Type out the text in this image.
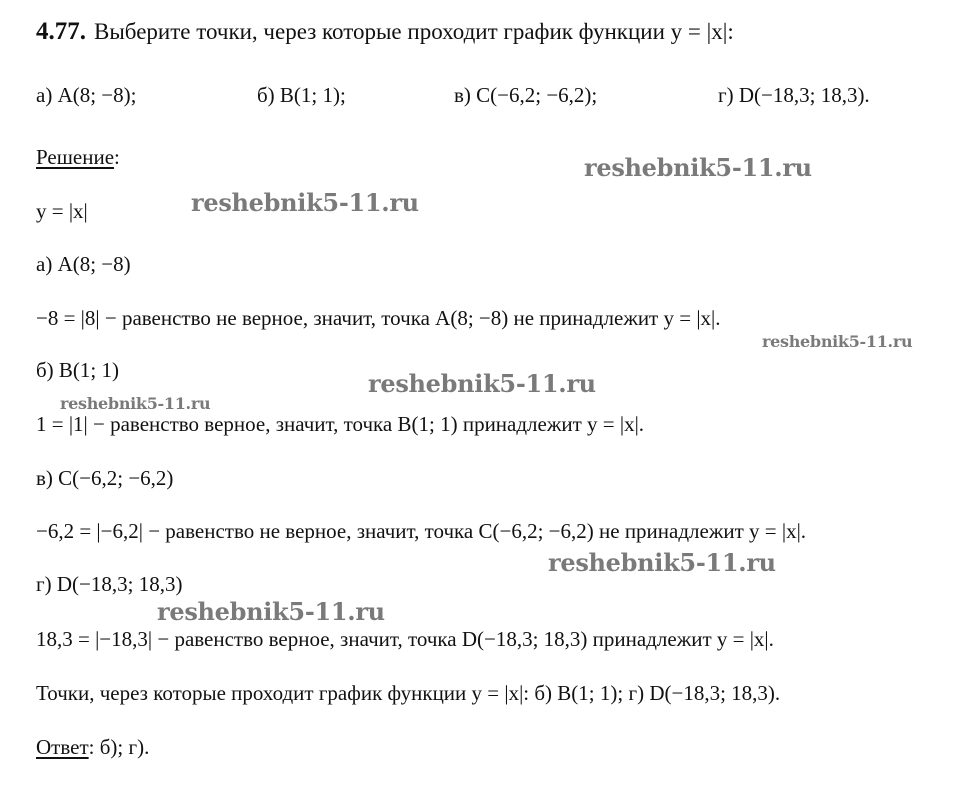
4.77. Выберите точки, через которые проходит график функции y = |x|:
а) A(8; −8);	б) B(1; 1);	в) C(−6,2; −6,2);	г) D(−18,3; 18,3).
Решение:
y = |x|
а) A(8; −8)
−8 = |8| − равенство не верное, значит, точка A(8; −8) не принадлежит y = |x|.
б) B(1; 1)
1 = |1| − равенство верное, значит, точка B(1; 1) принадлежит y = |x|.
в) C(−6,2; −6,2)
−6,2 = |−6,2| − равенство не верное, значит, точка C(−6,2; −6,2) не принадлежит y = |x|.
г) D(−18,3; 18,3)
18,3 = |−18,3| − равенство верное, значит, точка D(−18,3; 18,3) принадлежит y = |x|.
Точки, через которые проходит график функции y = |x|: б) B(1; 1); г) D(−18,3; 18,3).
Ответ: б); г).
reshebnik5-11.ru
reshebnik5-11.ru
reshebnik5-11.ru
reshebnik5-11.ru
reshebnik5-11.ru
reshebnik5-11.ru
reshebnik5-11.ru
